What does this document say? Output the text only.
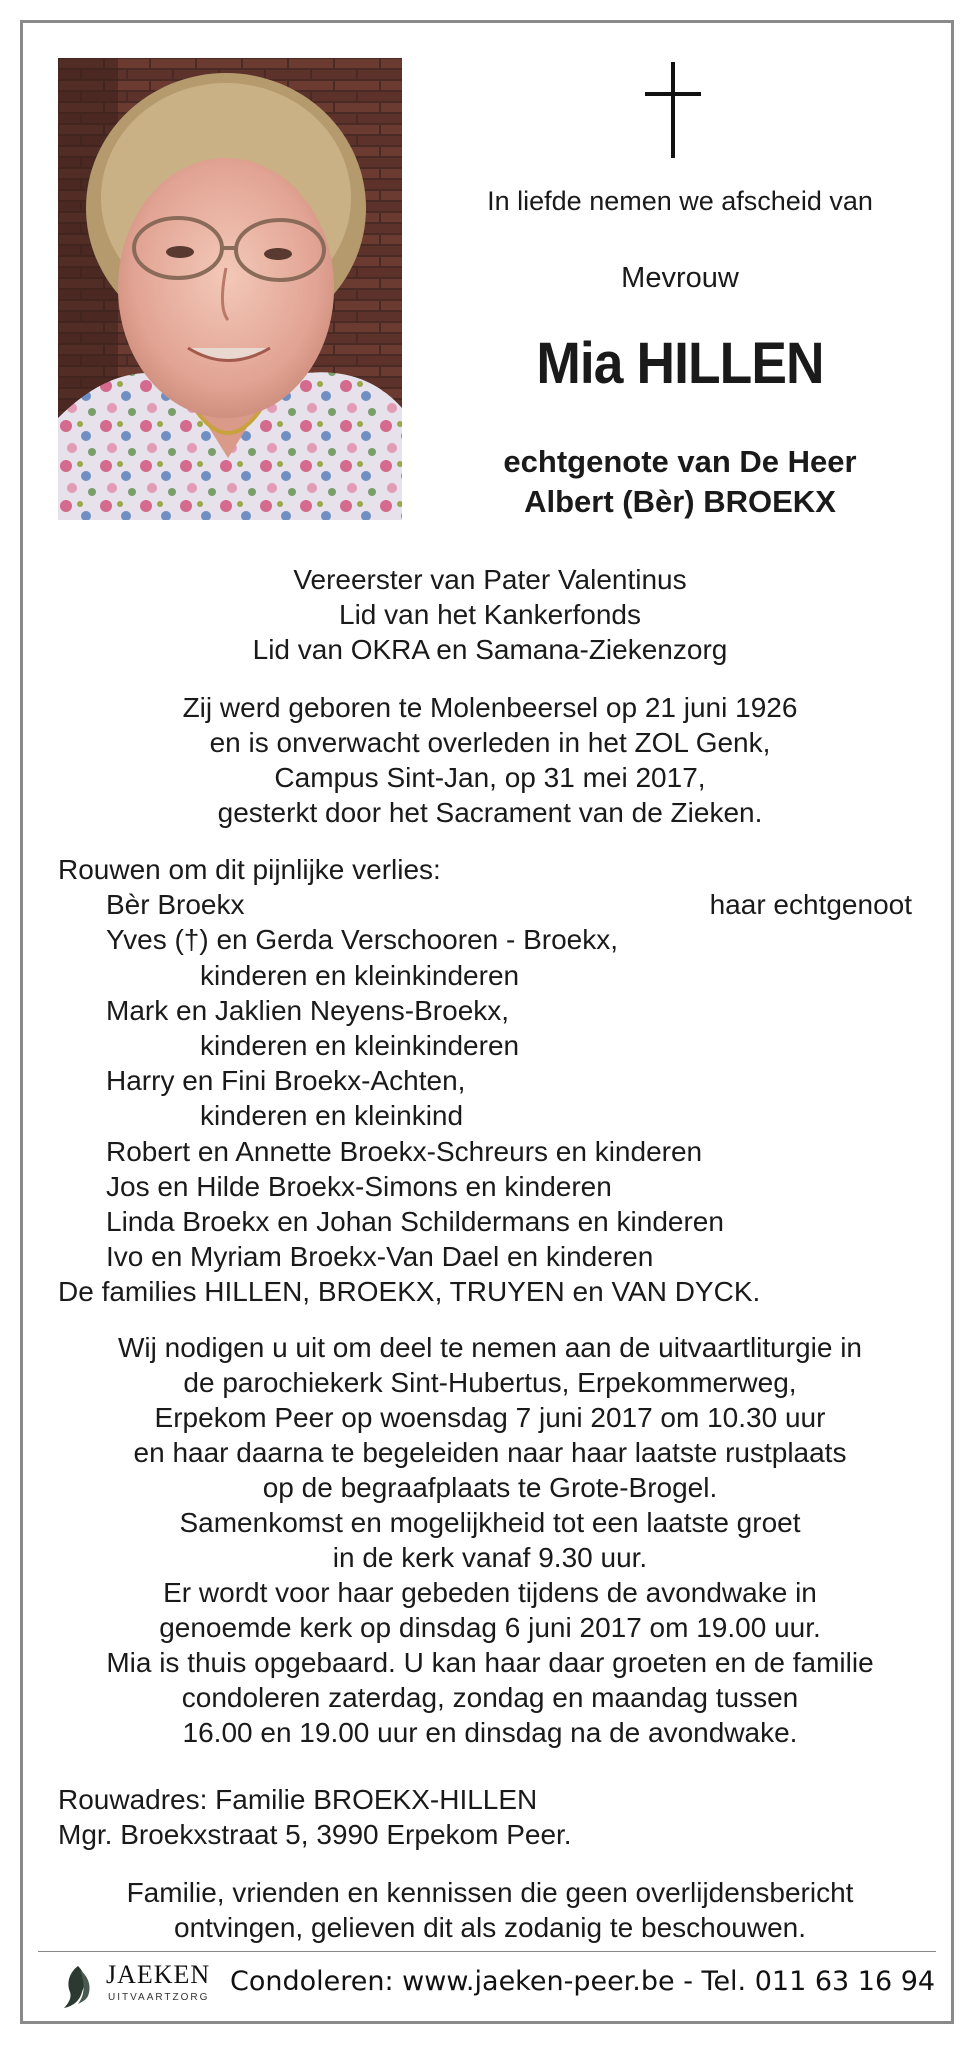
In liefde nemen we afscheid van
Mevrouw
Mia HILLEN
echtgenote van De Heer
Albert (Bèr) BROEKX
Vereerster van Pater Valentinus
Lid van het Kankerfonds
Lid van OKRA en Samana-Ziekenzorg
Zij werd geboren te Molenbeersel op 21 juni 1926
en is onverwacht overleden in het ZOL Genk,
Campus Sint-Jan, op 31 mei 2017,
gesterkt door het Sacrament van de Zieken.
Rouwen om dit pijnlijke verlies:
Bèr Broekx	haar echtgenoot
Yves (†) en Gerda Verschooren - Broekx,
kinderen en kleinkinderen
Mark en Jaklien Neyens-Broekx,
kinderen en kleinkinderen
Harry en Fini Broekx-Achten,
kinderen en kleinkind
Robert en Annette Broekx-Schreurs en kinderen
Jos en Hilde Broekx-Simons en kinderen
Linda Broekx en Johan Schildermans en kinderen
Ivo en Myriam Broekx-Van Dael en kinderen
De families HILLEN, BROEKX, TRUYEN en VAN DYCK.
Wij nodigen u uit om deel te nemen aan de uitvaartliturgie in
de parochiekerk Sint-Hubertus, Erpekommerweg,
Erpekom Peer op woensdag 7 juni 2017 om 10.30 uur
en haar daarna te begeleiden naar haar laatste rustplaats
op de begraafplaats te Grote-Brogel.
Samenkomst en mogelijkheid tot een laatste groet
in de kerk vanaf 9.30 uur.
Er wordt voor haar gebeden tijdens de avondwake in
genoemde kerk op dinsdag 6 juni 2017 om 19.00 uur.
Mia is thuis opgebaard. U kan haar daar groeten en de familie
condoleren zaterdag, zondag en maandag tussen
16.00 en 19.00 uur en dinsdag na de avondwake.
Rouwadres: Familie BROEKX-HILLEN
Mgr. Broekxstraat 5, 3990 Erpekom Peer.
Familie, vrienden en kennissen die geen overlijdensbericht
ontvingen, gelieven dit als zodanig te beschouwen.
JAEKEN
UITVAARTZORG
Condoleren: www.jaeken-peer.be - Tel. 011 63 16 94
